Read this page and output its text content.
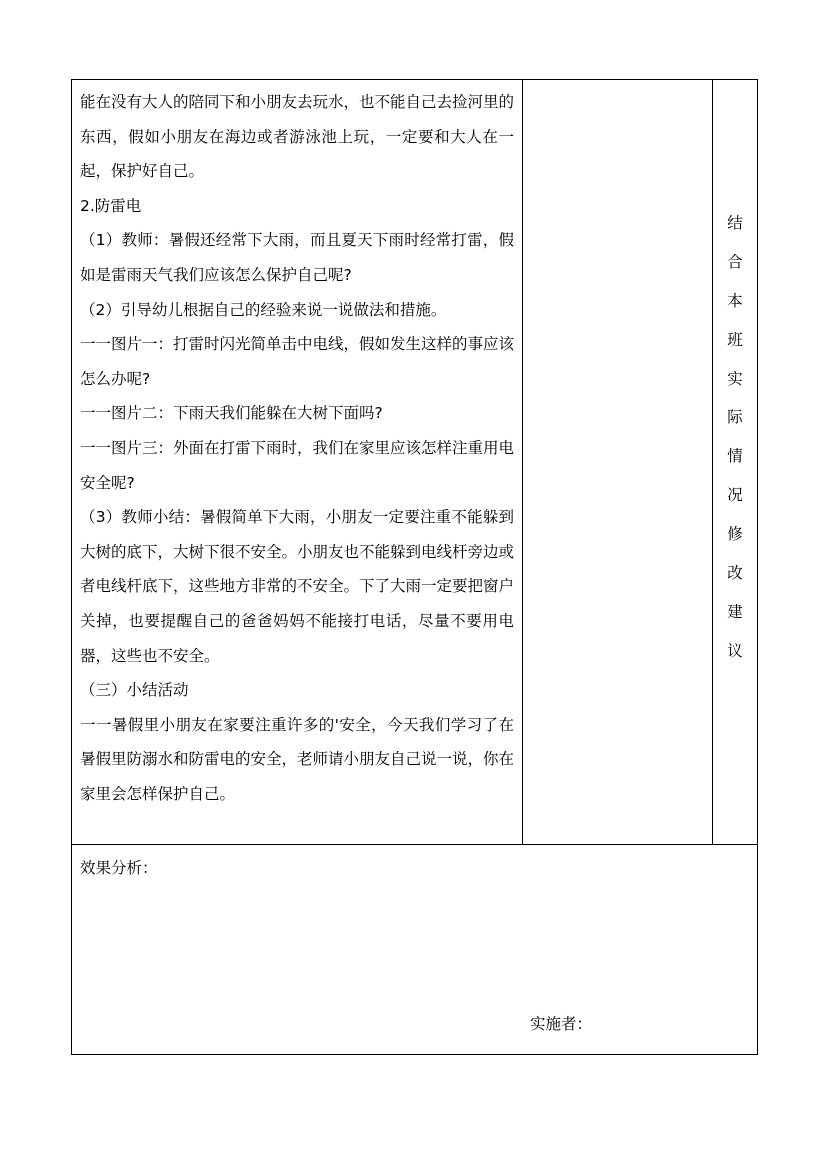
能在没有大人的陪同下和小朋友去玩水，也不能自己去捡河里的东西，假如小朋友在海边或者游泳池上玩，一定要和大人在一起，保护好自己。

2.防雷电

（1）教师：暑假还经常下大雨，而且夏天下雨时经常打雷，假如是雷雨天气我们应该怎么保护自己呢?

（2）引导幼儿根据自己的经验来说一说做法和措施。

一一图片一：打雷时闪光简单击中电线，假如发生这样的事应该怎么办呢?

一一图片二：下雨天我们能躲在大树下面吗?

一一图片三：外面在打雷下雨时，我们在家里应该怎样注重用电安全呢?

（3）教师小结：暑假简单下大雨，小朋友一定要注重不能躲到大树的底下，大树下很不安全。小朋友也不能躲到电线杆旁边或者电线杆底下，这些地方非常的不安全。下了大雨一定要把窗户关掉，也要提醒自己的爸爸妈妈不能接打电话，尽量不要用电器，这些也不安全。

（三）小结活动

一一暑假里小朋友在家要注重许多的'安全，今天我们学习了在暑假里防溺水和防雷电的安全，老师请小朋友自己说一说，你在家里会怎样保护自己。

结
合
本
班
实
际
情
况
修
改
建
议

效果分析：
实施者：
